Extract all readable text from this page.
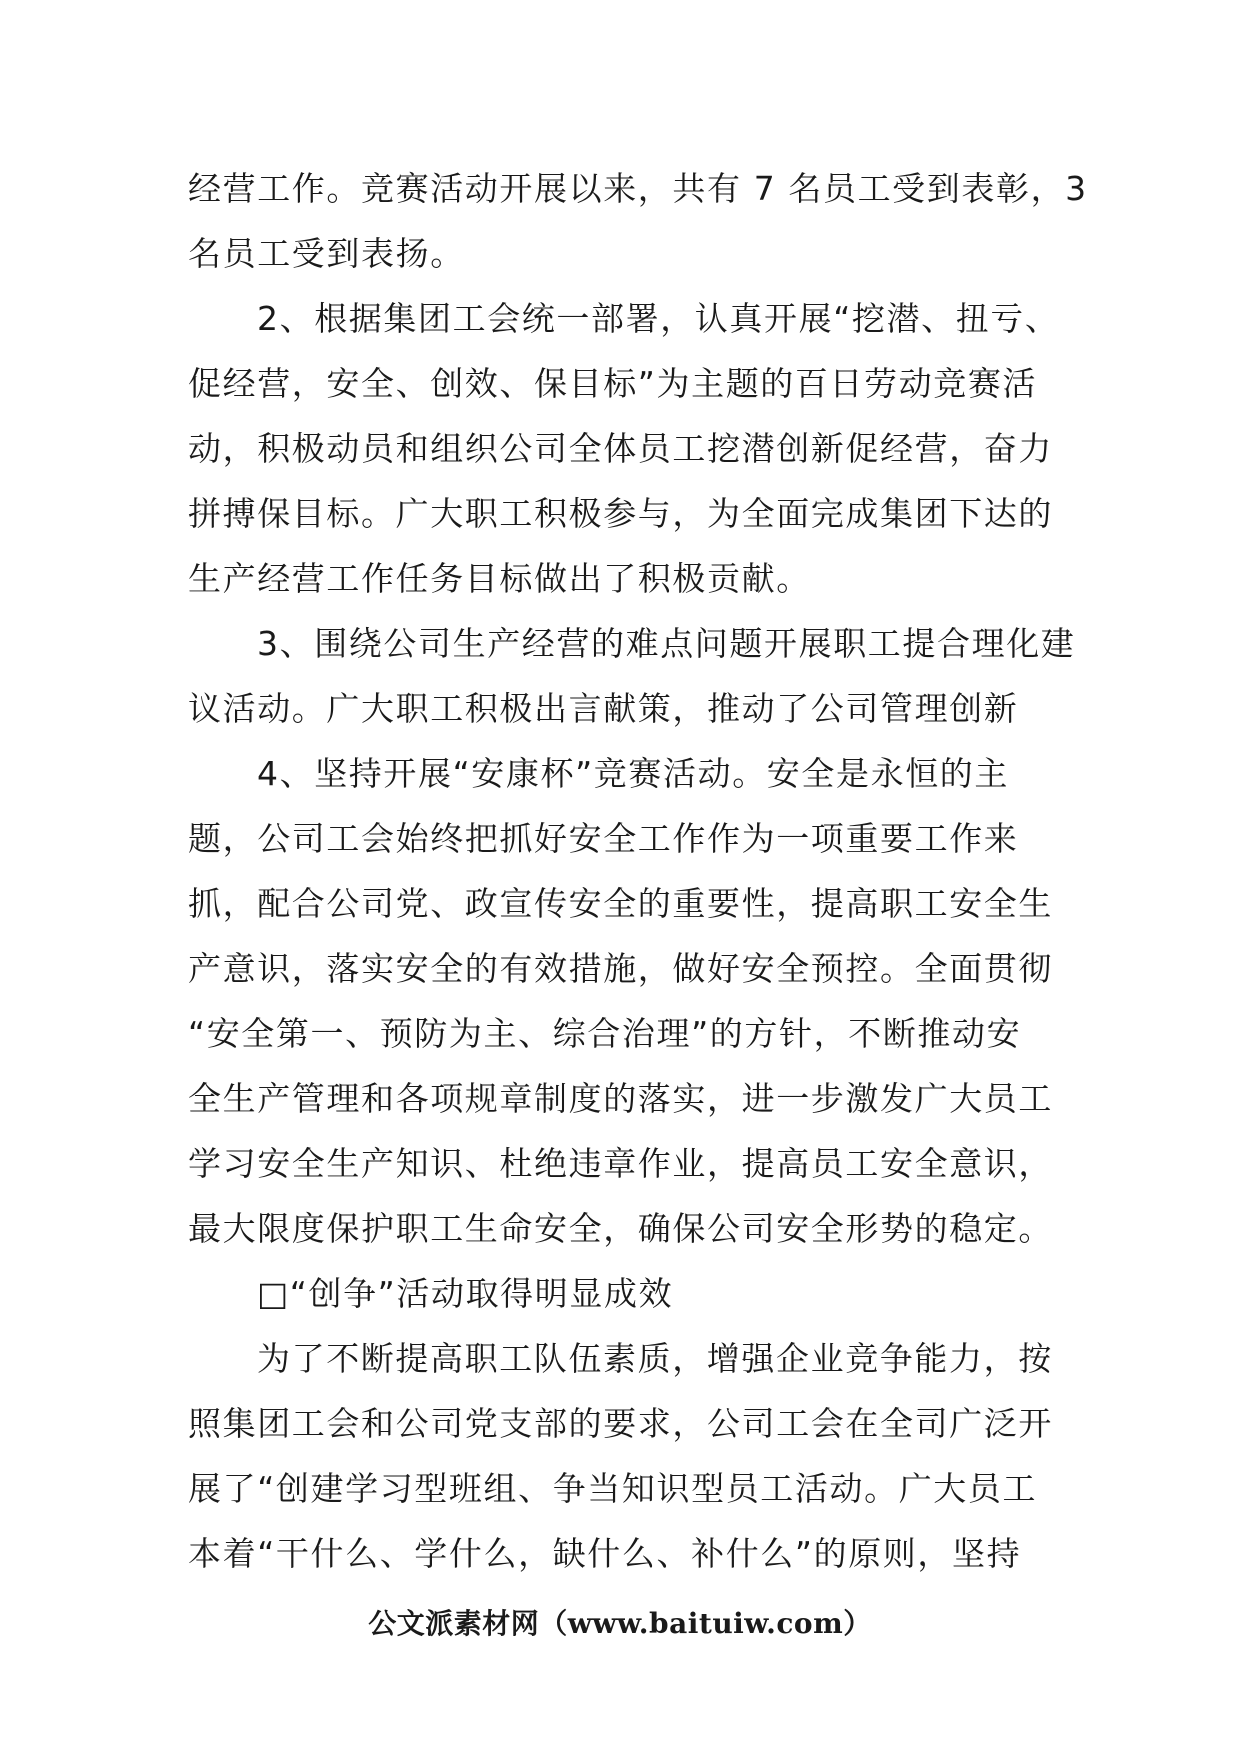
经营工作。竞赛活动开展以来，共有 7 名员工受到表彰，3
名员工受到表扬。
2、根据集团工会统一部署，认真开展“挖潜、扭亏、
促经营，安全、创效、保目标”为主题的百日劳动竞赛活
动，积极动员和组织公司全体员工挖潜创新促经营，奋力
拼搏保目标。广大职工积极参与，为全面完成集团下达的
生产经营工作任务目标做出了积极贡献。
3、围绕公司生产经营的难点问题开展职工提合理化建
议活动。广大职工积极出言献策，推动了公司管理创新
4、坚持开展“安康杯”竞赛活动。安全是永恒的主
题，公司工会始终把抓好安全工作作为一项重要工作来
抓，配合公司党、政宣传安全的重要性，提高职工安全生
产意识，落实安全的有效措施，做好安全预控。全面贯彻
“安全第一、预防为主、综合治理”的方针，不断推动安
全生产管理和各项规章制度的落实，进一步激发广大员工
学习安全生产知识、杜绝违章作业，提高员工安全意识，
最大限度保护职工生命安全，确保公司安全形势的稳定。
□“创争”活动取得明显成效
为了不断提高职工队伍素质，增强企业竞争能力，按
照集团工会和公司党支部的要求，公司工会在全司广泛开
展了“创建学习型班组、争当知识型员工活动。广大员工
本着“干什么、学什么，缺什么、补什么”的原则，坚持
公文派素材网（www.baituiw.com）
